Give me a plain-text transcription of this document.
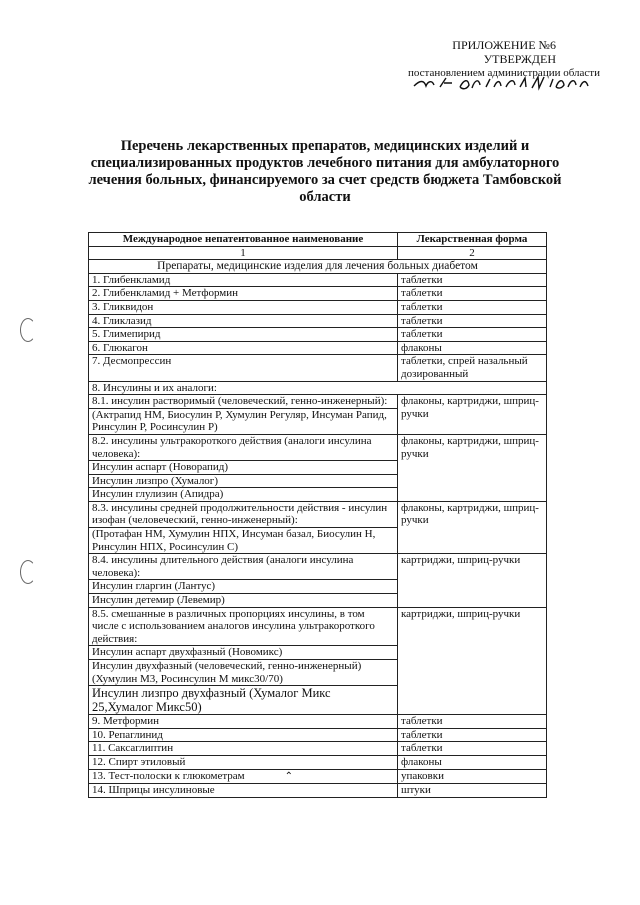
ПРИЛОЖЕНИЕ №6
УТВЕРЖДЕН
постановлением администрации области
Перечень лекарственных препаратов, медицинских изделий и специализированных продуктов лечебного питания для амбулаторного лечения больных, финансируемого за счет средств бюджета Тамбовской области
Международное непатентованное наименование	Лекарственная форма
1	2
Препараты, медицинские изделия для лечения больных диабетом	
1. Глибенкламид	таблетки
2. Глибенкламид + Метформин	таблетки
3. Гликвидон	таблетки
4. Гликлазид	таблетки
5. Глимепирид	таблетки
6. Глюкагон	флаконы
7. Десмопрессин	таблетки, спрей назальный дозированный
8. Инсулины и их аналоги:	
8.1. инсулин растворимый (человеческий, генно-инженерный):	флаконы, картриджи, шприц-ручки
(Актрапид НМ, Биосулин Р, Хумулин Регуляр, Инсуман Рапид, Ринсулин Р, Росинсулин Р)	
8.2. инсулины ультракороткого действия (аналоги инсулина человека):	флаконы, картриджи, шприц-ручки
Инсулин аспарт (Новорапид)	
Инсулин лизпро (Хумалог)	
Инсулин глулизин (Апидра)	
8.3. инсулины средней продолжительности действия - инсулин изофан (человеческий, генно-инженерный):	флаконы, картриджи, шприц-ручки
(Протафан НМ, Хумулин НПХ, Инсуман базал, Биосулин Н, Ринсулин НПХ, Росинсулин С)	
8.4. инсулины длительного действия (аналоги инсулина человека):	картриджи, шприц-ручки
Инсулин гларгин (Лантус)	
Инсулин детемир (Левемир)	
8.5. смешанные в различных пропорциях инсулины, в том числе с использованием аналогов инсулина ультракороткого действия:	картриджи, шприц-ручки
Инсулин аспарт двухфазный (Новомикс)	
Инсулин двухфазный (человеческий, генно-инженерный) (Хумулин М3, Росинсулин М микс30/70)	
Инсулин лизпро двухфазный (Хумалог Микс 25,Хумалог Микс50)	
9. Метформин	таблетки
10. Репаглинид	таблетки
11. Саксаглиптин	таблетки
12. Спирт этиловый	флаконы
13. Тест-полоски к глюкометрам ⌃	упаковки
14. Шприцы инсулиновые	штуки
